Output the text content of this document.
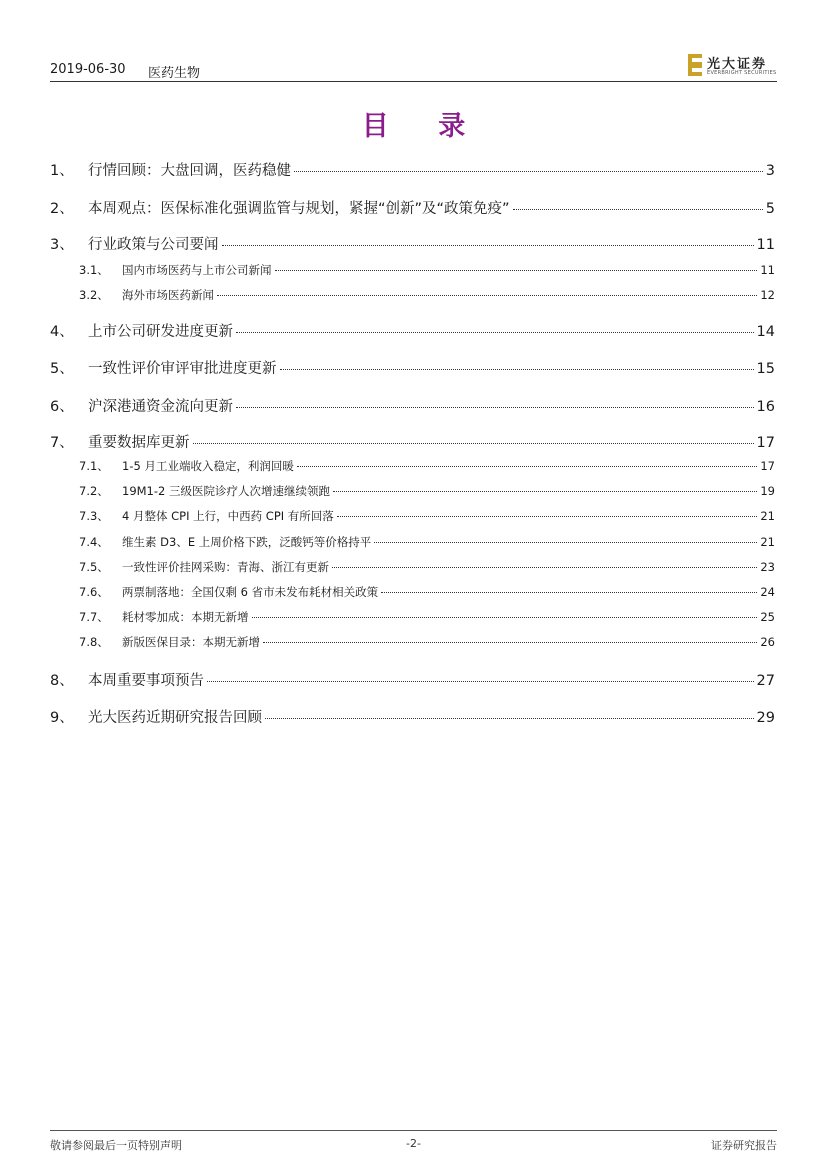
2019-06-30 医药生物
光大证券
EVERBRIGHT SECURITIES
目 录
1、 行情回顾：大盘回调，医药稳健	3
2、 本周观点：医保标准化强调监管与规划，紧握“创新”及“政策免疫”	5
3、 行业政策与公司要闻	11
3.1、	国内市场医药与上市公司新闻	11
3.2、	海外市场医药新闻	12
4、 上市公司研发进度更新	14
5、 一致性评价审评审批进度更新	15
6、 沪深港通资金流向更新	16
7、 重要数据库更新	17
7.1、	1-5 月工业端收入稳定，利润回暖	17
7.2、	19M1-2 三级医院诊疗人次增速继续领跑	19
7.3、	4 月整体 CPI 上行，中西药 CPI 有所回落	21
7.4、	维生素 D3、E 上周价格下跌，泛酸钙等价格持平	21
7.5、	一致性评价挂网采购：青海、浙江有更新	23
7.6、	两票制落地：全国仅剩 6 省市未发布耗材相关政策	24
7.7、	耗材零加成：本期无新增	25
7.8、	新版医保目录：本期无新增	26
8、 本周重要事项预告	27
9、 光大医药近期研究报告回顾	29
敬请参阅最后一页特别声明	-2-	证券研究报告
